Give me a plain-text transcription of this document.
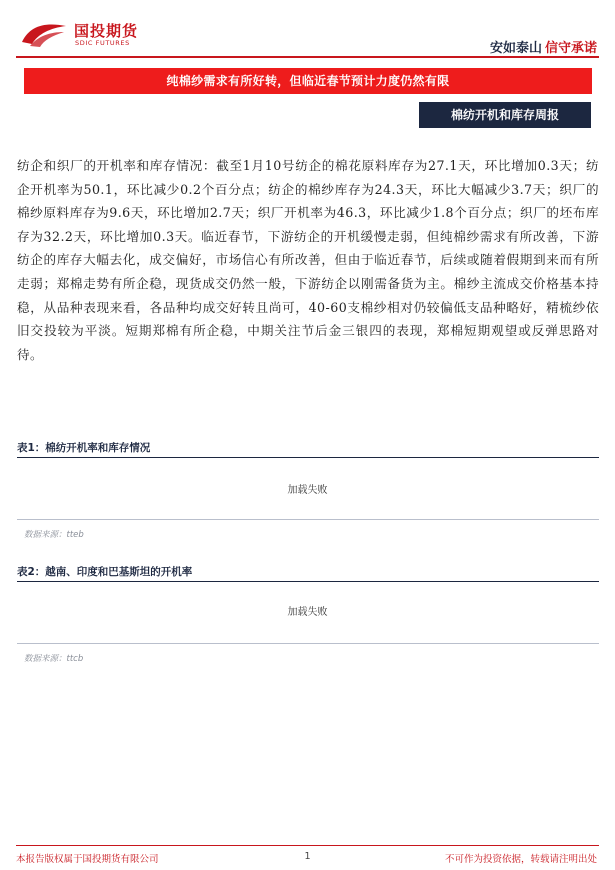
国投期货
SDIC FUTURES	安如泰山 信守承诺
纯棉纱需求有所好转，但临近春节预计力度仍然有限
棉纺开机和库存周报

纺企和织厂的开机率和库存情况：截至1月10号纺企的棉花原料库存为27.1天，环比增加0.3天；纺企开机率为50.1，环比减少0.2个百分点；纺企的棉纱库存为24.3天，环比大幅减少3.7天；织厂的棉纱原料库存为9.6天，环比增加2.7天；织厂开机率为46.3，环比减少1.8个百分点；织厂的坯布库存为32.2天，环比增加0.3天。临近春节，下游纺企的开机缓慢走弱，但纯棉纱需求有所改善，下游纺企的库存大幅去化，成交偏好，市场信心有所改善，但由于临近春节，后续或随着假期到来而有所走弱；郑棉走势有所企稳，现货成交仍然一般，下游纺企以刚需备货为主。棉纱主流成交价格基本持稳，从品种表现来看，各品种均成交好转且尚可，40-60支棉纱相对仍较偏低支品种略好，精梳纱依旧交投较为平淡。短期郑棉有所企稳，中期关注节后金三银四的表现，郑棉短期观望或反弹思路对待。

表1：棉纺开机率和库存情况
加载失败
数据来源：tteb
表2：越南、印度和巴基斯坦的开机率
加载失败
数据来源：ttcb
本报告版权属于国投期货有限公司	1	不可作为投资依据，转载请注明出处
